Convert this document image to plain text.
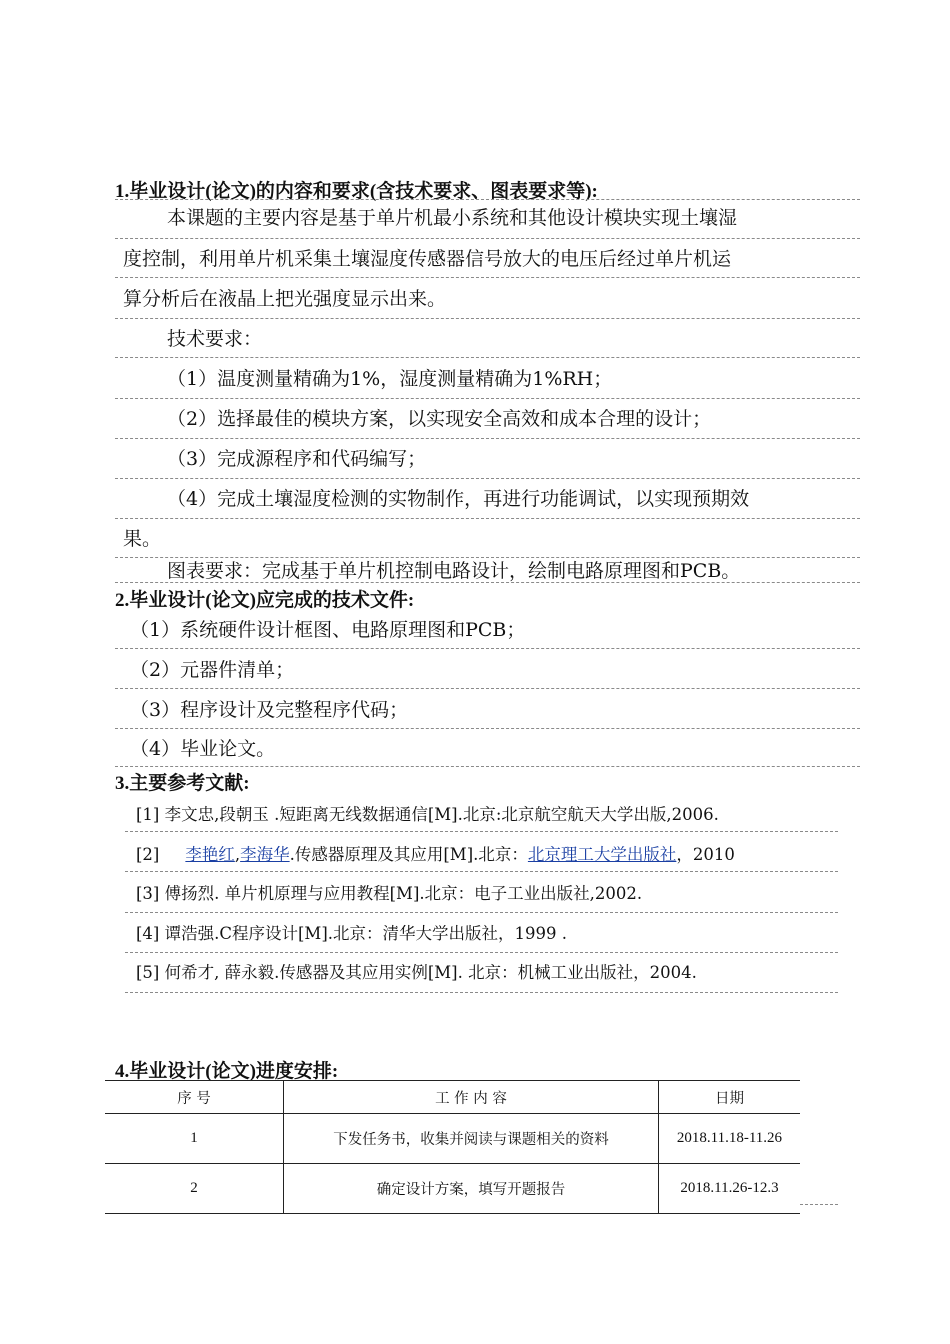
1.毕业设计(论文)的内容和要求(含技术要求、图表要求等):
本课题的主要内容是基于单片机最小系统和其他设计模块实现土壤湿
度控制，利用单片机采集土壤湿度传感器信号放大的电压后经过单片机运
算分析后在液晶上把光强度显示出来。
技术要求：
（1）温度测量精确为1%，湿度测量精确为1%RH；
（2）选择最佳的模块方案，以实现安全高效和成本合理的设计；
（3）完成源程序和代码编写；
（4）完成土壤湿度检测的实物制作，再进行功能调试，以实现预期效
果。
图表要求：完成基于单片机控制电路设计，绘制电路原理图和PCB。
2.毕业设计(论文)应完成的技术文件:
（1）系统硬件设计框图、电路原理图和PCB；
（2）元器件清单；
（3）程序设计及完整程序代码；
（4）毕业论文。
3.主要参考文献:
[1] 李文忠,段朝玉 .短距离无线数据通信[M].北京:北京航空航天大学出版,2006.
[2] 李艳红,李海华.传感器原理及其应用[M].北京：北京理工大学出版社，2010
[3] 傅扬烈. 单片机原理与应用教程[M].北京：电子工业出版社,2002.
[4] 谭浩强.C程序设计[M].北京：清华大学出版社，1999 .
[5] 何希才, 薛永毅.传感器及其应用实例[M]. 北京：机械工业出版社，2004.
4.毕业设计(论文)进度安排:
序 号	工 作 内 容	日期
1	下发任务书，收集并阅读与课题相关的资料	2018.11.18-11.26
2	确定设计方案，填写开题报告	2018.11.26-12.3
